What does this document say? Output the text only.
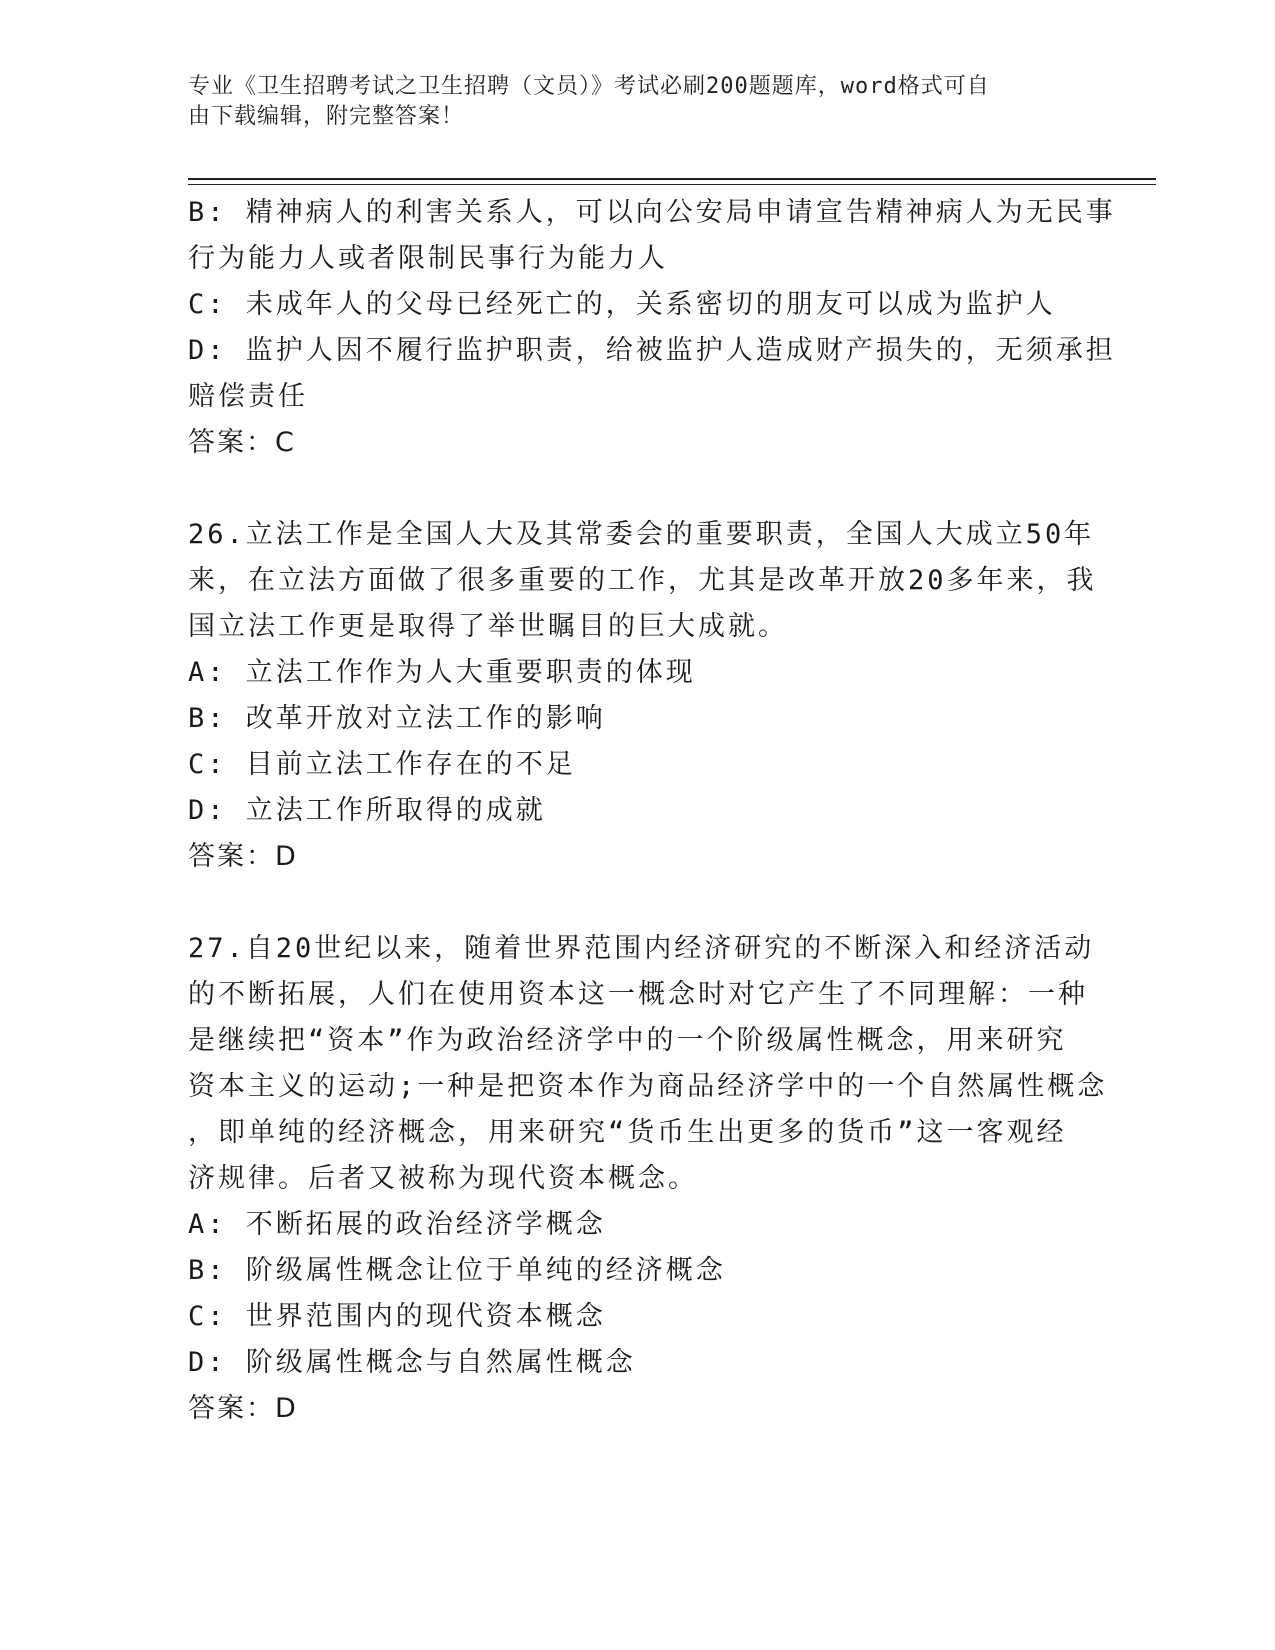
专业《卫生招聘考试之卫生招聘（文员）》考试必刷200题题库，word格式可自
由下载编辑，附完整答案！
B: 精神病人的利害关系人，可以向公安局申请宣告精神病人为无民事
行为能力人或者限制民事行为能力人
C: 未成年人的父母已经死亡的，关系密切的朋友可以成为监护人
D: 监护人因不履行监护职责，给被监护人造成财产损失的，无须承担
赔偿责任
答案：C
26.立法工作是全国人大及其常委会的重要职责，全国人大成立50年
来，在立法方面做了很多重要的工作，尤其是改革开放20多年来，我
国立法工作更是取得了举世瞩目的巨大成就。
A: 立法工作作为人大重要职责的体现
B: 改革开放对立法工作的影响
C: 目前立法工作存在的不足
D: 立法工作所取得的成就
答案：D
27.自20世纪以来，随着世界范围内经济研究的不断深入和经济活动
的不断拓展，人们在使用资本这一概念时对它产生了不同理解：一种
是继续把“资本”作为政治经济学中的一个阶级属性概念，用来研究
资本主义的运动;一种是把资本作为商品经济学中的一个自然属性概念
，即单纯的经济概念，用来研究“货币生出更多的货币”这一客观经
济规律。后者又被称为现代资本概念。
A: 不断拓展的政治经济学概念
B: 阶级属性概念让位于单纯的经济概念
C: 世界范围内的现代资本概念
D: 阶级属性概念与自然属性概念
答案：D
